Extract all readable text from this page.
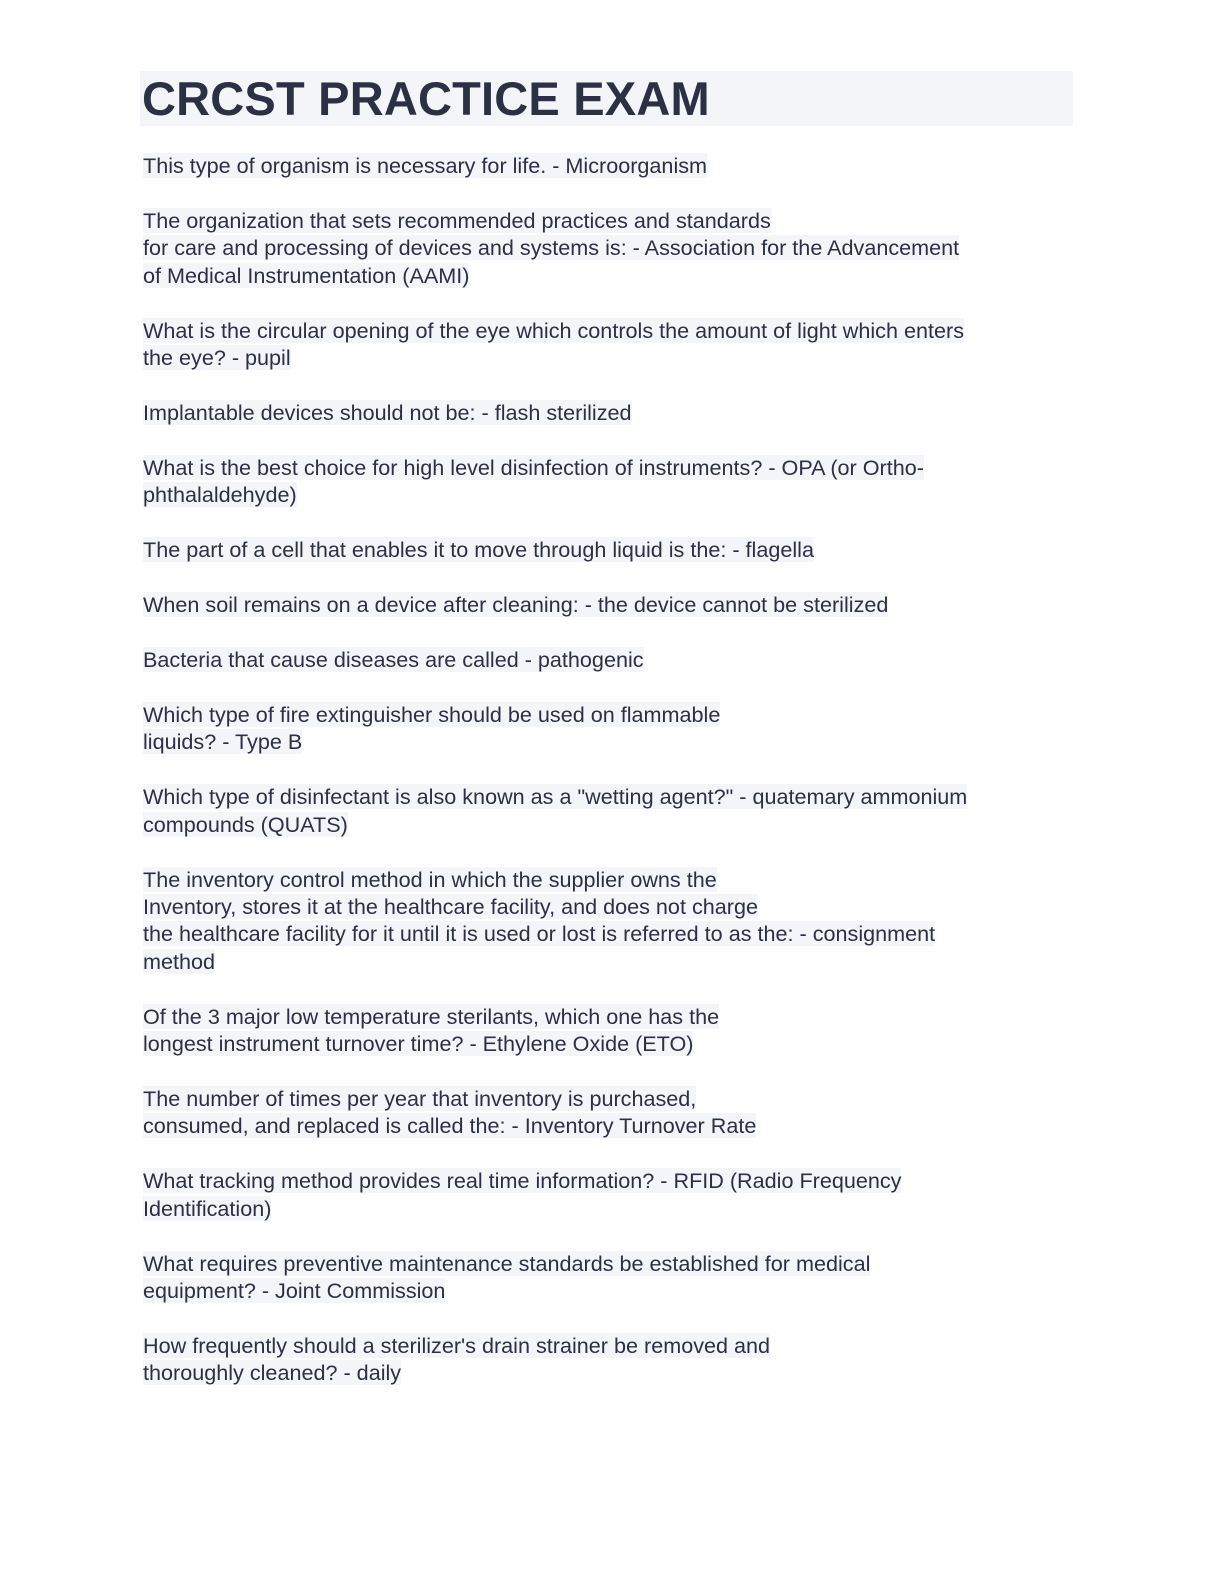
CRCST PRACTICE EXAM
This type of organism is necessary for life. - Microorganism
The organization that sets recommended practices and standards
for care and processing of devices and systems is: - Association for the Advancement
of Medical Instrumentation (AAMI)
What is the circular opening of the eye which controls the amount of light which enters
the eye? - pupil
Implantable devices should not be: - flash sterilized
What is the best choice for high level disinfection of instruments? - OPA (or Ortho-
phthalaldehyde)
The part of a cell that enables it to move through liquid is the: - flagella
When soil remains on a device after cleaning: - the device cannot be sterilized
Bacteria that cause diseases are called - pathogenic
Which type of fire extinguisher should be used on flammable
liquids? - Type B
Which type of disinfectant is also known as a "wetting agent?" - quatemary ammonium
compounds (QUATS)
The inventory control method in which the supplier owns the
Inventory, stores it at the healthcare facility, and does not charge
the healthcare facility for it until it is used or lost is referred to as the: - consignment
method
Of the 3 major low temperature sterilants, which one has the
longest instrument turnover time? - Ethylene Oxide (ETO)
The number of times per year that inventory is purchased,
consumed, and replaced is called the: - Inventory Turnover Rate
What tracking method provides real time information? - RFID (Radio Frequency
Identification)
What requires preventive maintenance standards be established for medical
equipment? - Joint Commission
How frequently should a sterilizer's drain strainer be removed and
thoroughly cleaned? - daily
